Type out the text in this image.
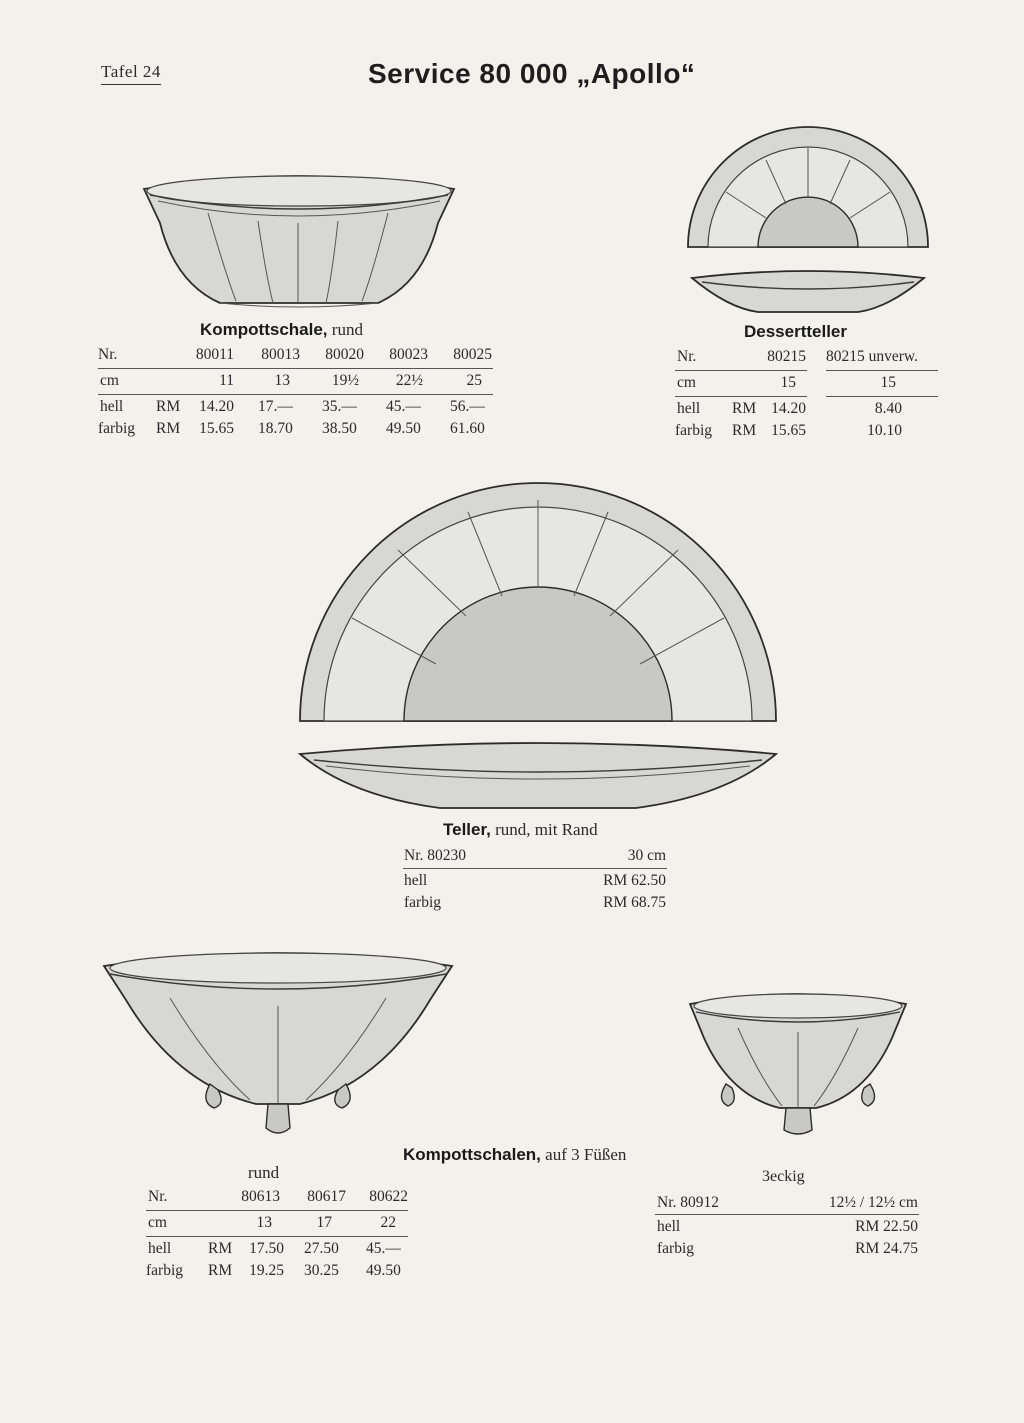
Tafel 24	Service 80 000 „Apollo“
Kompottschale, rund
Nr.	80011	80013	80020	80023	80025
cm	11	13	19½	22½	25
hell RM	14.20 17.— 35.— 45.— 56.—
farbig RM	15.65 18.70 38.50 49.50 61.60
Dessertteller
Nr.	80215 80215 unverw.
cm	15	15
hell RM 14.20	8.40
farbig RM 15.65	10.10
Teller, rund, mit Rand
Nr. 80230	30 cm
hell	RM 62.50
farbig	RM 68.75
Kompottschalen, auf 3 Füßen
rund
Nr.	80613	80617	80622
cm	13	17	22
hell RM	17.50 27.50 45.—
farbig RM	19.25 30.25 49.50
3eckig
Nr. 80912	12½ / 12½ cm
hell	RM 22.50
farbig	RM 24.75
